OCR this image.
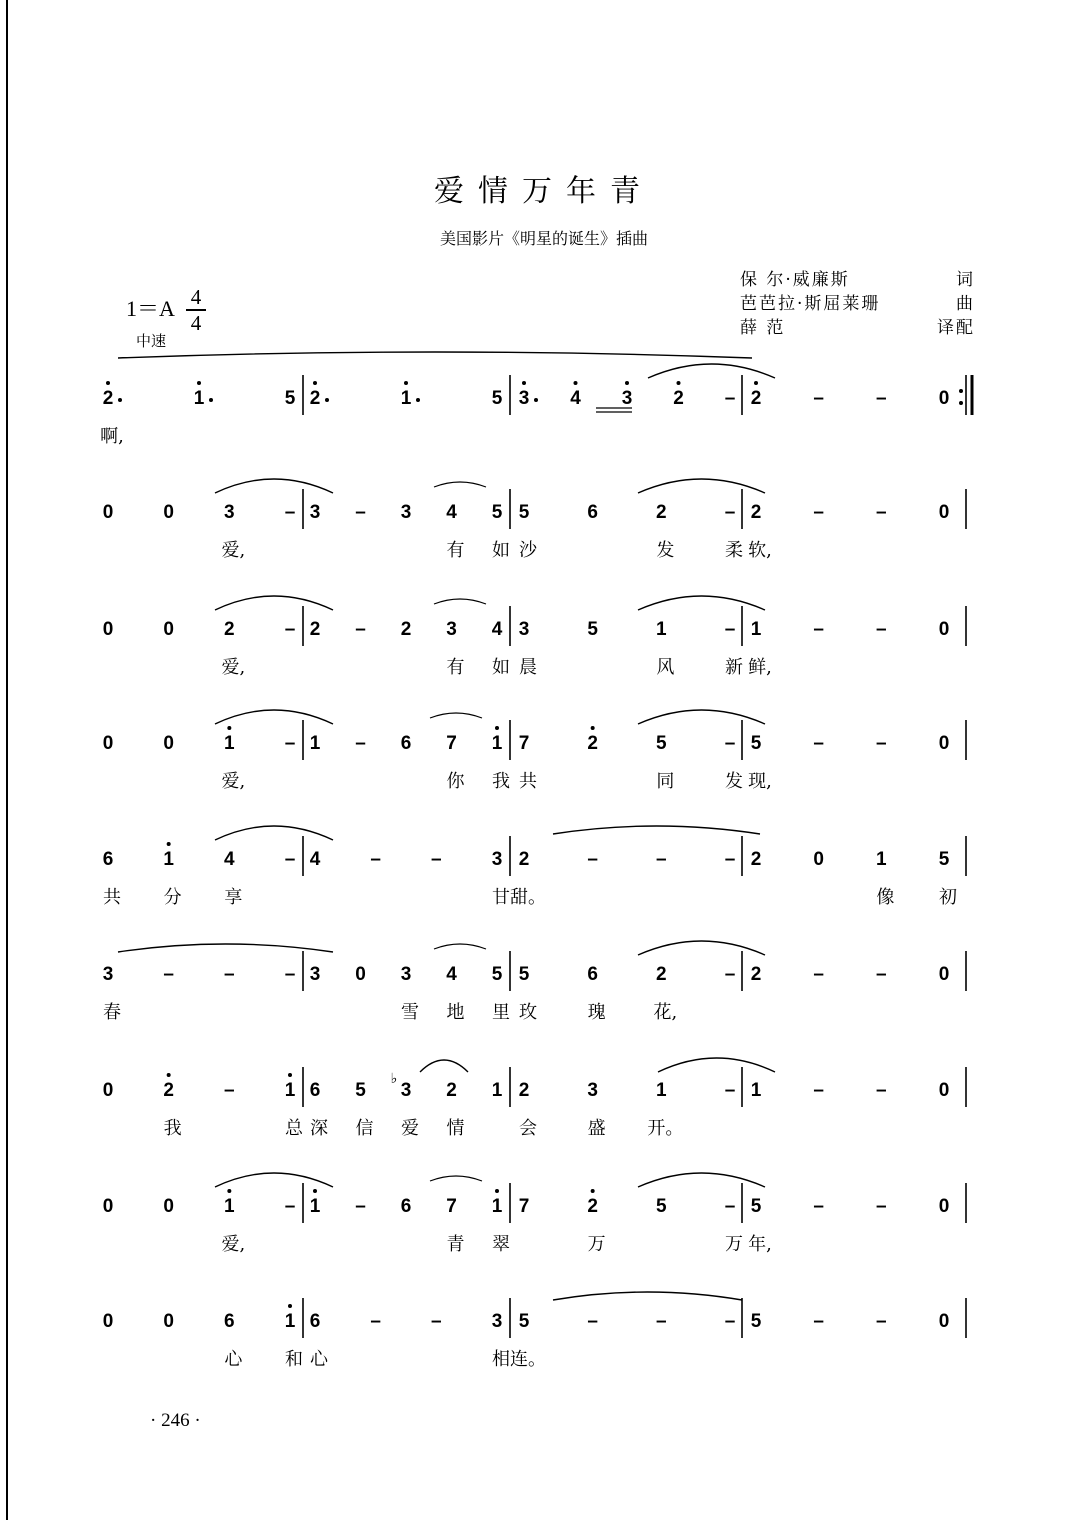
爱情万年青
美国影片《明星的诞生》插曲
保 尔·威廉斯	词
芭芭拉·斯屈莱珊	曲
薛 范	译配
1＝A 4
4
中速
2	1	5 2	1	5 3 4 3 2 – 2	–	–	0
啊,
0	0	3	– 3 – 3 4 5 5	6	2	– 2	–	–	0
爱,	有 如 沙	发	柔 软,
0	0	2	– 2 – 2 3 4 3	5	1	– 1	–	–	0
爱,	有 如 晨	风	新 鲜,
0	0	1	– 1 – 6 7 1 7	2	5	– 5	–	–	0
爱,	你 我 共	同	发 现,
6	1	4	– 4	–	–	3 2	–	–	– 2	0	1	5
共 分 享	甘 甜。	像 初
3	–	–	– 3 0 3 4 5 5	6	2	– 2	–	–	0
春	雪 地 里 玫	瑰	花,
0	2	–	1 6 5 3
♭
2 1 2	3	1	– 1	–	–	0
我	总 深 信 爱 情	会	盛 开。
0	0	1	– 1 – 6 7 1 7	2	5	– 5	–	–	0
爱,	青 翠	万	万 年,
0	0	6	1 6	–	–	3 5	–	–	– 5	–	–	0
心 和 心	相 连。
· 246 ·
